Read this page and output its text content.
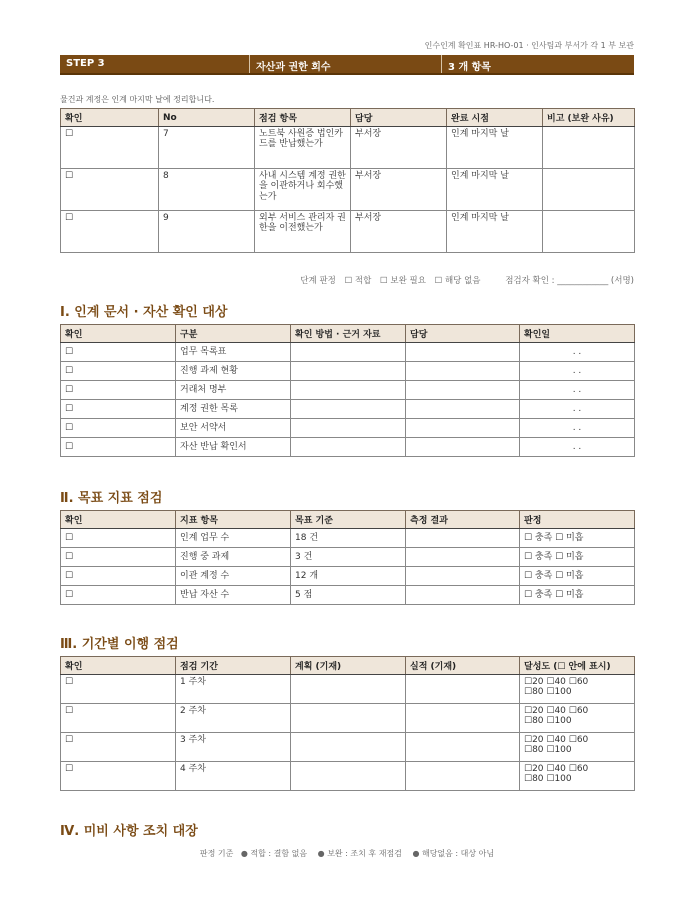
인수인계 확인표 HR-HO-01 · 인사팀과 부서가 각 1 부 보관
STEP 3	자산과 권한 회수	3 개 항목
물건과 계정은 인계 마지막 날에 정리합니다.
확인	No	점검 항목	담당	완료 시점	비고 (보완 사유)
☐	7	노트북 사원증 법인카드를 반납했는가	부서장	인계 마지막 날	
☐	8	사내 시스템 계정 권한을 이관하거나 회수했는가	부서장	인계 마지막 날	
☐	9	외부 서비스 관리자 권한을 이전했는가	부서장	인계 마지막 날	
단계 판정 ☐ 적합 ☐ 보완 필요 ☐ 해당 없음	점검자 확인 : ____________ (서명)
Ⅰ. 인계 문서 · 자산 확인 대상
확인	구분	확인 방법 · 근거 자료	담당	확인일
☐	업무 목록표			. .
☐	진행 과제 현황			. .
☐	거래처 명부			. .
☐	계정 권한 목록			. .
☐	보안 서약서			. .
☐	자산 반납 확인서			. .
Ⅱ. 목표 지표 점검
확인	지표 항목	목표 기준	측정 결과	판정
☐	인계 업무 수	18 건		☐ 충족 ☐ 미흡
☐	진행 중 과제	3 건		☐ 충족 ☐ 미흡
☐	이관 계정 수	12 개		☐ 충족 ☐ 미흡
☐	반납 자산 수	5 점		☐ 충족 ☐ 미흡
Ⅲ. 기간별 이행 점검
확인	점검 기간	계획 (기재)	실적 (기재)	달성도 (☐ 안에 표시)
☐	1 주차			☐20 ☐40 ☐60
☐80 ☐100

☐	2 주차			☐20 ☐40 ☐60
☐80 ☐100

☐	3 주차			☐20 ☐40 ☐60
☐80 ☐100

☐	4 주차			☐20 ☐40 ☐60
☐80 ☐100
Ⅳ. 미비 사항 조치 대장
판정 기준 ● 적합 : 결함 없음 ● 보완 : 조치 후 재점검 ● 해당없음 : 대상 아님
